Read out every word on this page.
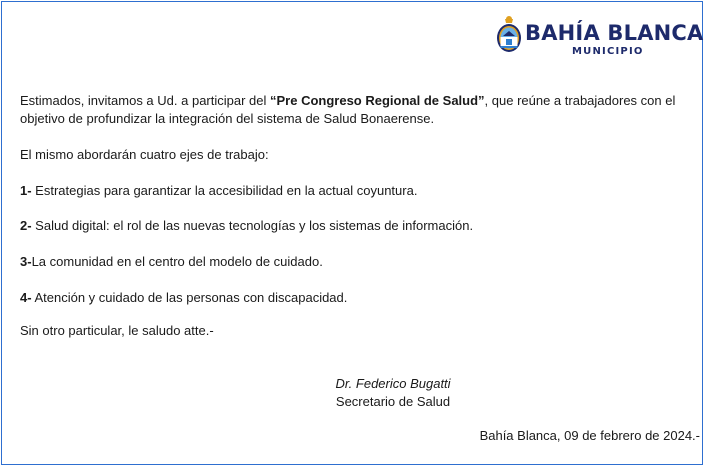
BAHÍA BLANCA
MUNICIPIO
Estimados, invitamos a Ud. a participar del “Pre Congreso Regional de Salud”, que reúne a trabajadores con el
objetivo de profundizar la integración del sistema de Salud Bonaerense.
El mismo abordarán cuatro ejes de trabajo:
1- Estrategias para garantizar la accesibilidad en la actual coyuntura.
2- Salud digital: el rol de las nuevas tecnologías y los sistemas de información.
3-La comunidad en el centro del modelo de cuidado.
4- Atención y cuidado de las personas con discapacidad.
Sin otro particular, le saludo atte.-
Dr. Federico Bugatti
Secretario de Salud
Bahía Blanca, 09 de febrero de 2024.-
